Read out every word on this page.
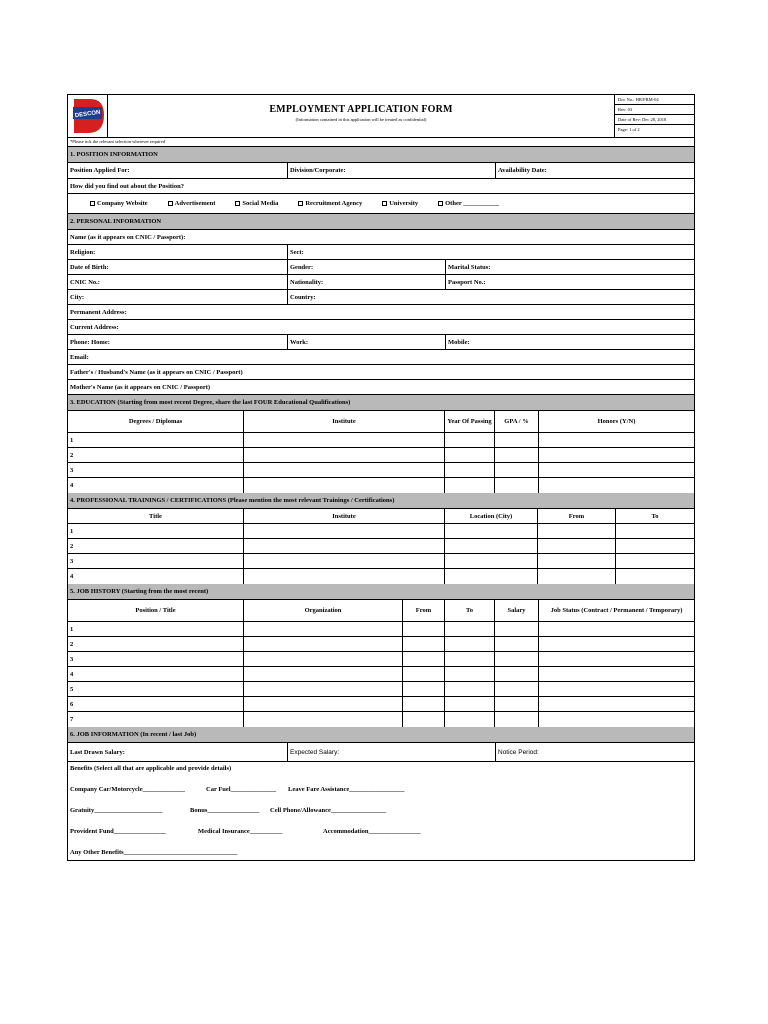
DESCON	EMPLOYMENT APPLICATION FORM
(Information contained in this application will be treated as confidential)
Doc No.: HR/FRM-04
Rev: 03
Date of Rev: Dec 28, 2018
Page: 1 of 2
*Please tick the relevant selection wherever required
1. POSITION INFORMATION
Position Applied For:	Division/Corporate:	Availability Date:
How did you find out about the Position?
Company Website	Advertisement	Social Media	Recruitment Agency	University	Other ___________
2. PERSONAL INFORMATION
Name (as it appears on CNIC / Passport):
Religion:	Sect:
Date of Birth:	Gender:	Marital Status:
CNIC No.:	Nationality:	Passport No.:
City:	Country:
Permanent Address:
Current Address:
Phone: Home:	Work:	Mobile:
Email:
Father's / Husband's Name (as it appears on CNIC / Passport)
Mother's Name (as it appears on CNIC / Passport)
3. EDUCATION (Starting from most recent Degree, share the last FOUR Educational Qualifications)
Degrees / Diplomas	Institute	Year Of Passing	GPA / %	Honors (Y/N)
1
2
3
4
4. PROFESSIONAL TRAININGS / CERTIFICATIONS (Please mention the most relevant Trainings / Certifications)
Title	Institute	Location (City)	From	To
1
2
3
4
5. JOB HISTORY (Starting from the most recent)
Position / Title	Organization	From	To	Salary	Job Status (Contract / Permanent / Temporary)
1
2
3
4
5
6
7
6. JOB INFORMATION (In recent / last Job)
Last Drawn Salary:	Expected Salary:	Notice Period:
Benefits (Select all that are applicable and provide details)
Company Car/Motorcycle_____________	Car Fuel______________ Leave Fare Assistance_________________
Gratuity_____________________	Bonus________________ Cell Phone/Allowance_________________
Provident Fund________________	Medical Insurance__________	Accommodation________________
Any Other Benefits___________________________________
